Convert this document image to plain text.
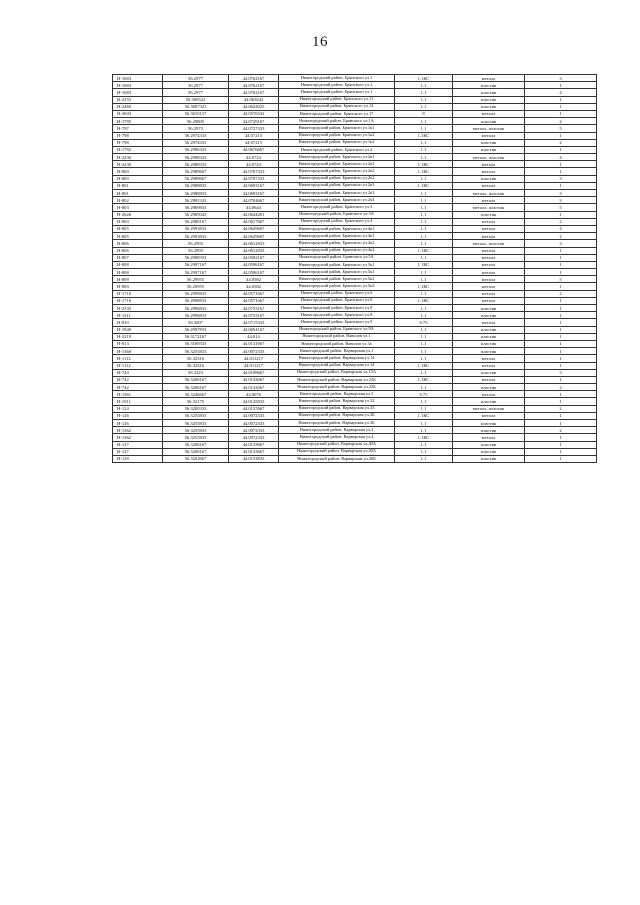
16
Н-1683	56.2977	44.0762167	Нижегородский район, Брянского ул.1	1.1КС	металл	3
Н-1683	56.2977	44.0762167	Нижегородский район, Брянского ул.1	1.1	пластик	1
Н-1683	56.2977	44.0762167	Нижегородский район, Брянского ул.1	1.1	пластик	4
Н-2255	56.300522	44.063642	Нижегородский район, Брянского ул.11	1.1	пластик	1
Н-2460	56.3007323	44.0624025	Нижегородский район, Брянского ул.12	1.1	пластик	1
Н-2603	56.3010137	44.0576532	Нижегородский район, Брянского ул.17	8	металл	1
Н-1785	56.29805	44.0729167	Нижегородский район, Брянского ул.1А	1.1	пластик	2
Н-797	56.2973	44.0737333	Нижегородский район, Брянского ул.1к1	1.1	металл, пластик	5
Н-798	56.2974333	44.07215	Нижегородский район, Брянского ул.1к2	1.1КС	металл	1
Н-798	56.2974333	44.07215	Нижегородский район, Брянского ул.1к2	1.1	пластик	2
Н-1782	56.2996333	44.0676667	Нижегородский район, Брянского ул.2	1.1	пластик	1
Н-2230	56.2988333	44.0723	Нижегородский район, Брянского ул.2в1	1.1	металл, пластик	4
Н-2230	56.2988333	44.0723	Нижегородский район, Брянского ул.2в1	1.1КС	металл	1
Н-800	56.2989667	44.0707333	Нижегородский район, Брянского ул.2к2	1.1КС	металл	1
Н-800	56.2989667	44.0707333	Нижегородский район, Брянского ул.2к2	1.1	пластик	3
Н-801	56.2988833	44.0693167	Нижегородский район, Брянского ул.2к3	1.1КС	металл	1
Н-801	56.2988833	44.0693167	Нижегородский район, Брянского ул.2к3	1.1	металл, пластик	3
Н-802	56.2981333	44.0704667	Нижегородский район, Брянского ул.2к4	1.1	металл	3
Н-803	56.2969833	44.0644	Нижегородский район, Брянского ул.3	1.1	металл, пластик	5
Н-2626	56.2985043	44.0644201	Нижегородский район, Брянского ул.3А	1.1	пластик	1
Н-804	56.2980167	44.0617667	Нижегородский район, Брянского ул.4	1.1	металл	2
Н-805	56.2993833	44.0629667	Нижегородский район, Брянского ул.4к1	1.1	металл	4
Н-805	56.2993833	44.0629667	Нижегородский район, Брянского ул.4к1	1.1	металл	2
Н-806	56.2993	44.0612833	Нижегородский район, Брянского ул.4к2	1.1	металл, пластик	3
Н-806	56.2993	44.0612833	Нижегородский район, Брянского ул.4к2	1.1КС	металл	1
Н-807	56.2988333	44.0582167	Нижегородский район, Брянского ул.5А	1.1	металл	1
Н-808	56.2997167	44.0596167	Нижегородский район, Брянского ул.5к1	1.1КС	металл	1
Н-808	56.2997167	44.0596167	Нижегородский район, Брянского ул.5к1	1.1	металл	1
Н-809	56.29955	44.0582	Нижегородский район, Брянского ул.5к2	1.1	металл	5
Н-809	56.29955	44.0582	Нижегородский район, Брянского ул.5к2	1.1КС	металл	1
Н-1716	56.2998833	44.0571667	Нижегородский район, Брянского ул.6	1.1	металл	2
Н-1716	56.2998833	44.0571667	Нижегородский район, Брянского ул.6	1.1КС	металл	1
Н-2335	56.2996833	44.0753167	Нижегородский район, Брянского ул.8	1.1	пластик	1
Н-1511	56.2996833	44.0753167	Нижегородский район, Брянского ул.8	1.1	пластик	1
Н-810	56.3007	44.0715333	Нижегородский район, Брянского ул.9	0.75	металл	1
Н-1940	56.2997833	44.0694167	Нижегородский район, Брянского ул.9А	1.1	пластик	1
Н-2219	56.3172167	44.014	Нижегородский район, Вавилов ул.1	1.1	пластик	1
Н-813	56.3169333	44.0131667	Нижегородский район, Вавилов ул.3а	1.1	пластик	1
Н-1360	56.3255833	44.0072333	Нижегородский район, Варварская ул.1	1.1	пластик	1
Н-1112	56.32316	44.011217	Нижегородский район, Варварская ул.14	1.1	металл	1
Н-1112	56.32316	44.011217	Нижегородский район, Варварская ул.14	1.1КС	металл	1
Н-744	56.3223	44.0108667	Нижегородский район, Варварская ул.15А	1.1	пластик	3
Н-742	56.3206167	44.0132667	Нижегородский район, Варварская ул.23Б	1.1КС	металл	1
Н-742	56.3206167	44.0132667	Нижегородский район, Варварская ул.23Б	1.1	пластик	2
Н-1361	56.3246667	44.0076	Нижегородский район, Варварская ул.3	0.75	металл	1
Н-1911	56.32175	44.0145833	Нижегородский район, Варварская ул.32	1.1	пластик	1
Н-124	56.3200333	44.0137667	Нижегородский район, Варварская ул.33	1.1	металл, пластик	2
Н-126	56.3255833	44.0072333	Нижегородский район, Варварская ул.3Б	1.1КС	металл	1
Н-126	56.3255833	44.0072333	Нижегородский район, Варварская ул.3Б	1.1	пластик	1
Н-1362	56.3255833	44.0072333	Нижегородский район, Варварская ул.4	1.1	пластик	2
Н-1362	56.3255833	44.0072333	Нижегородский район, Варварская ул.4	1.1КС	металл	1
Н-127	56.3206167	44.0133667	Нижегородский район, Варварская ул.40А	1.1	пластик	1
Н-127	56.3206167	44.0133667	Нижегородский район, Варварская ул.40А	1.1	пластик	1
Н-128	56.3202667	44.0153833	Нижегородский район, Варварская ул.40Б	1.1	пластик	1
